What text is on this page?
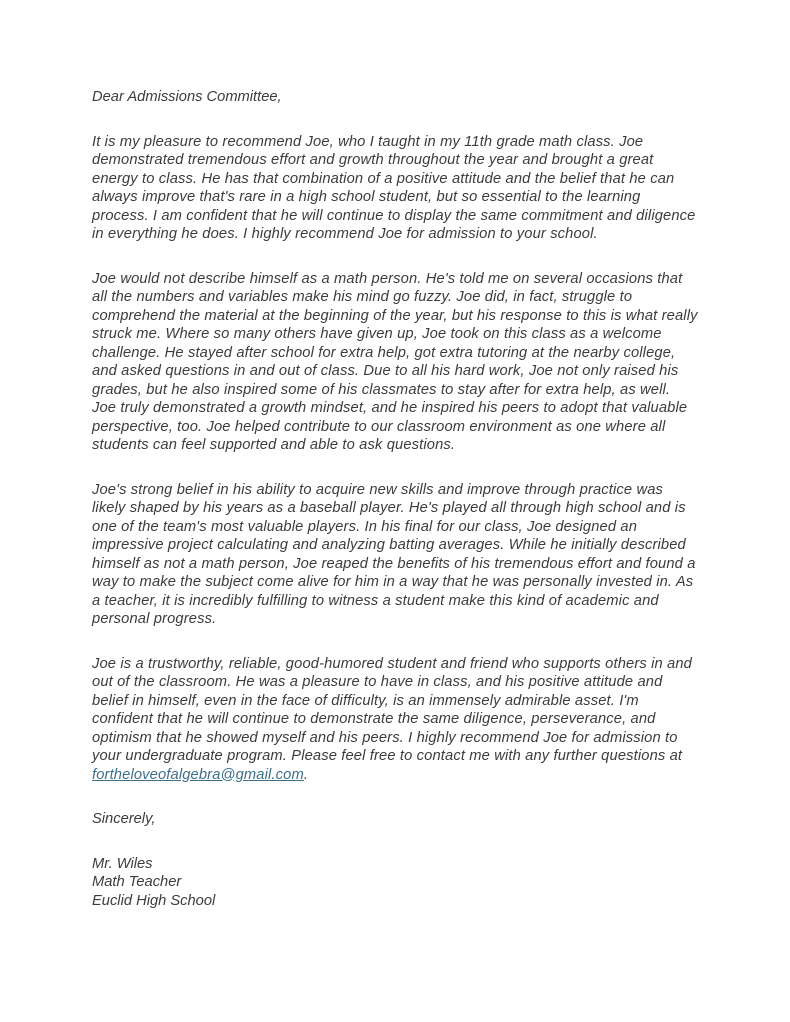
Dear Admissions Committee,

It is my pleasure to recommend Joe, who I taught in my 11th grade math class. Joe demonstrated tremendous effort and growth throughout the year and brought a great energy to class. He has that combination of a positive attitude and the belief that he can always improve that's rare in a high school student, but so essential to the learning process. I am confident that he will continue to display the same commitment and diligence in everything he does. I highly recommend Joe for admission to your school.

Joe would not describe himself as a math person. He's told me on several occasions that all the numbers and variables make his mind go fuzzy. Joe did, in fact, struggle to comprehend the material at the beginning of the year, but his response to this is what really struck me. Where so many others have given up, Joe took on this class as a welcome challenge. He stayed after school for extra help, got extra tutoring at the nearby college, and asked questions in and out of class. Due to all his hard work, Joe not only raised his grades, but he also inspired some of his classmates to stay after for extra help, as well. Joe truly demonstrated a growth mindset, and he inspired his peers to adopt that valuable perspective, too. Joe helped contribute to our classroom environment as one where all students can feel supported and able to ask questions.

Joe's strong belief in his ability to acquire new skills and improve through practice was likely shaped by his years as a baseball player. He's played all through high school and is one of the team's most valuable players. In his final for our class, Joe designed an impressive project calculating and analyzing batting averages. While he initially described himself as not a math person, Joe reaped the benefits of his tremendous effort and found a way to make the subject come alive for him in a way that he was personally invested in. As a teacher, it is incredibly fulfilling to witness a student make this kind of academic and personal progress.

Joe is a trustworthy, reliable, good-humored student and friend who supports others in and out of the classroom. He was a pleasure to have in class, and his positive attitude and belief in himself, even in the face of difficulty, is an immensely admirable asset. I'm confident that he will continue to demonstrate the same diligence, perseverance, and optimism that he showed myself and his peers. I highly recommend Joe for admission to your undergraduate program. Please feel free to contact me with any further questions at fortheloveofalgebra@gmail.com.

Sincerely,
Mr. Wiles
Math Teacher
Euclid High School
